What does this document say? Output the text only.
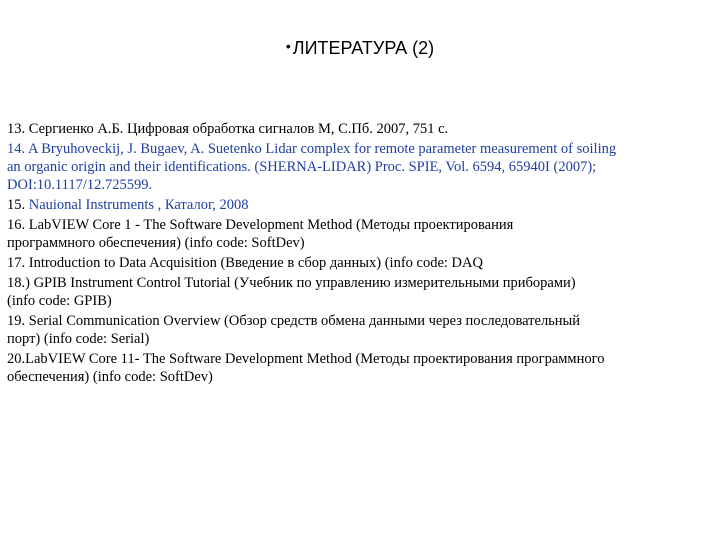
• ЛИТЕРАТУРА (2)
13. Сергиенко А.Б. Цифровая обработка сигналов М, С.Пб. 2007, 751 с.
14. A Bryuhoveckij, J. Bugaev, A. Suetenko Lidar complex for remote parameter measurement of soiling
an organic origin and their identifications. (SHERNA-LIDAR) Proc. SPIE, Vol. 6594, 65940I (2007);
DOI:10.1117/12.725599.
15. Nauional Instruments , Каталог, 2008
16. LabVIEW Core 1 - The Software Development Method (Методы проектирования
программного обеспечения) (info code: SoftDev)
17. Introduction to Data Acquisition (Введение в сбор данных) (info code: DAQ
18.) GPIB Instrument Control Tutorial (Учебник по управлению измерительными приборами)
(info code: GPIB)
19. Serial Communication Overview (Обзор средств обмена данными через последовательный
порт) (info code: Serial)
20.LabVIEW Core 11- The Software Development Method (Методы проектирования программного
обеспечения) (info code: SoftDev)
